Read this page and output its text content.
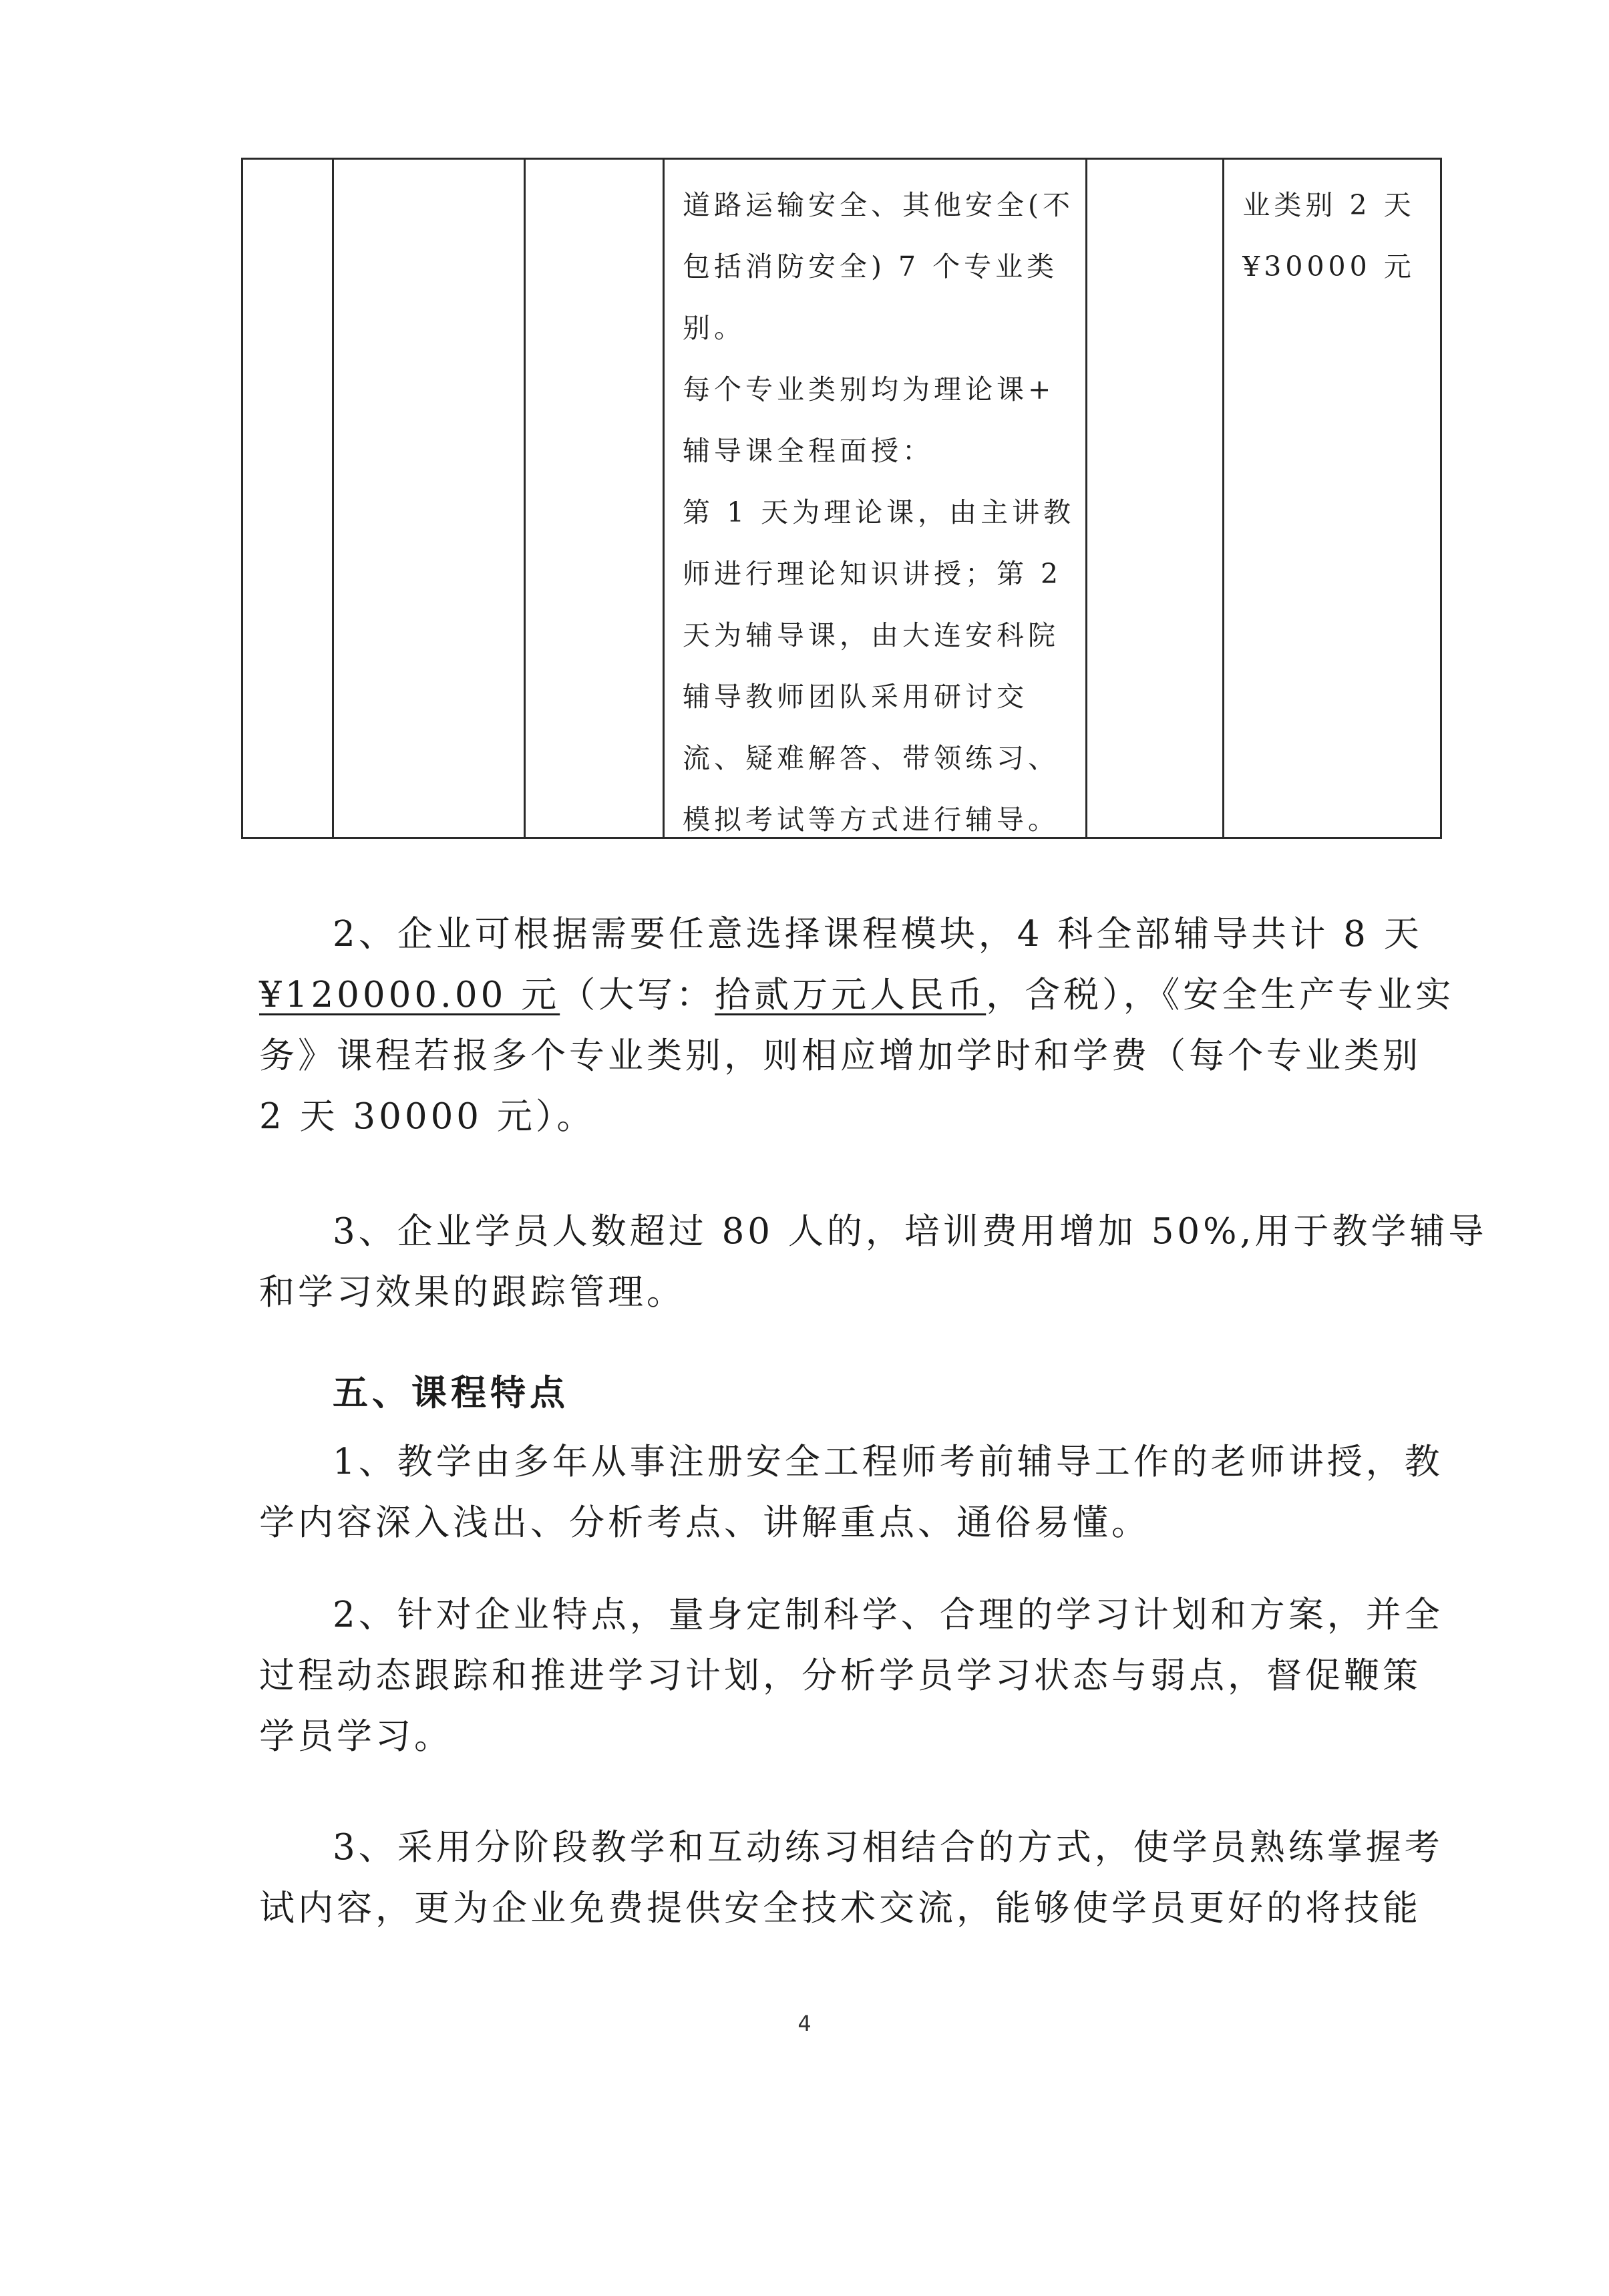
道路运输安全、其他安全(不
包括消防安全) 7 个专业类
别。
每个专业类别均为理论课+
辅导课全程面授：
第 1 天为理论课，由主讲教
师进行理论知识讲授；第 2
天为辅导课，由大连安科院
辅导教师团队采用研讨交
流、疑难解答、带领练习、
模拟考试等方式进行辅导。
业类别 2 天
¥30000 元
2、企业可根据需要任意选择课程模块，4 科全部辅导共计 8 天
¥120000.00 元（大写：拾贰万元人民币，含税），《安全生产专业实
务》课程若报多个专业类别，则相应增加学时和学费（每个专业类别
2 天 30000 元）。
3、企业学员人数超过 80 人的，培训费用增加 50%,用于教学辅导
和学习效果的跟踪管理。
五、课程特点
1、教学由多年从事注册安全工程师考前辅导工作的老师讲授，教
学内容深入浅出、分析考点、讲解重点、通俗易懂。
2、针对企业特点，量身定制科学、合理的学习计划和方案，并全
过程动态跟踪和推进学习计划，分析学员学习状态与弱点，督促鞭策
学员学习。
3、采用分阶段教学和互动练习相结合的方式，使学员熟练掌握考
试内容，更为企业免费提供安全技术交流，能够使学员更好的将技能
4
